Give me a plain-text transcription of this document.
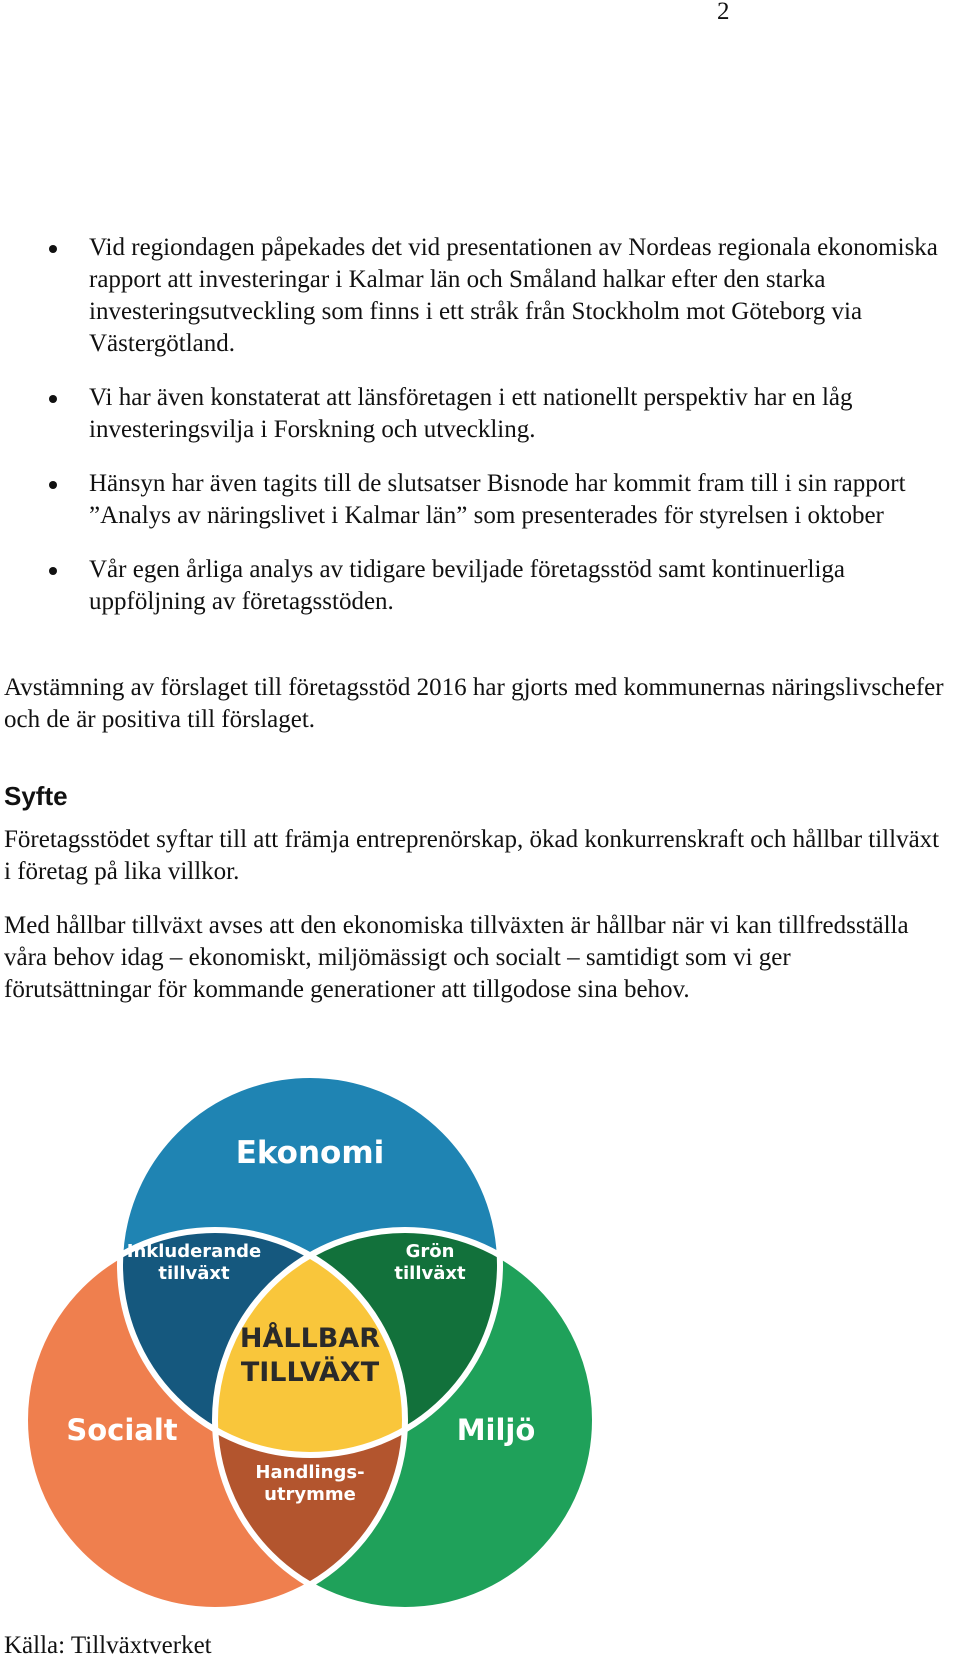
2
Vid regiondagen påpekades det vid presentationen av Nordeas regionala ekonomiska rapport att investeringar i Kalmar län och Småland halkar efter den starka investeringsutveckling som finns i ett stråk från Stockholm mot Göteborg via Västergötland.
Vi har även konstaterat att länsföretagen i ett nationellt perspektiv har en låg investeringsvilja i Forskning och utveckling.
Hänsyn har även tagits till de slutsatser Bisnode har kommit fram till i sin rapport ”Analys av näringslivet i Kalmar län” som presenterades för styrelsen i oktober
Vår egen årliga analys av tidigare beviljade företagsstöd samt kontinuerliga uppföljning av företagsstöden.

Avstämning av förslaget till företagsstöd 2016 har gjorts med kommunernas näringslivschefer och de är positiva till förslaget.

Syfte

Företagsstödet syftar till att främja entreprenörskap, ökad konkurrenskraft och hållbar tillväxt i företag på lika villkor.

Med hållbar tillväxt avses att den ekonomiska tillväxten är hållbar när vi kan tillfredsställa våra behov idag – ekonomiskt, miljömässigt och socialt – samtidigt som vi ger förutsättningar för kommande generationer att tillgodose sina behov.

Ekonomi
Inkluderande
tillväxt
Grön
tillväxt
HÅLLBAR
TILLVÄXT
Socialt	Miljö
Handlings-
utrymme

Källa: Tillväxtverket
